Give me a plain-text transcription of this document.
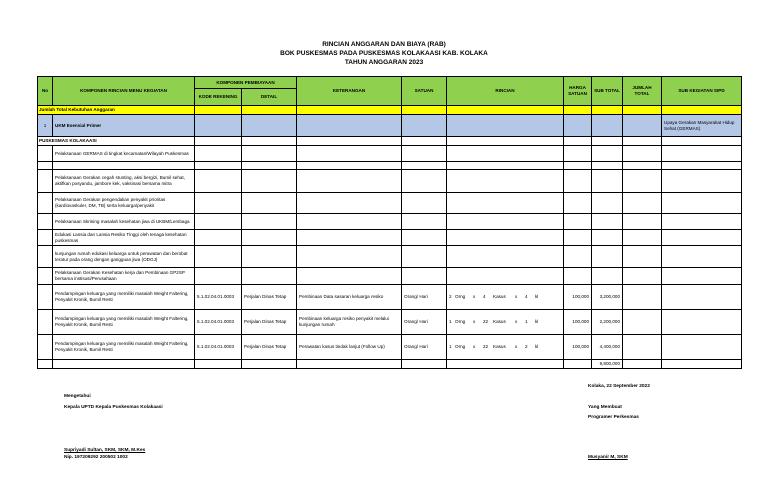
RINCIAN ANGGARAN DAN BIAYA (RAB)
BOK PUSKESMAS PADA PUSKESMAS KOLAKAASI KAB. KOLAKA
TAHUN ANGGARAN 2023
No	KOMPONEN RINCIAN MENU KEGIATAN	KOMPONEN PEMBIAYAAN		KETERANGAN	SATUAN	RINCIAN	HARGA SATUAN	SUB TOTAL	JUMLAH TOTAL	SUB KEGIATAN SIPD
		KODE REKENING	DETAIL							
Jumlah Total Kebutuhan Anggaran										
1	UKM Esensial Primer									Upaya Gerakan Masyarakat Hidup Sehat (GERMAS)
PUSKESMAS KOLAKAASI										
	Pelaksanaan GERMAS di tingkat kecamatan/Wilayah Puskesmas									

	Pelaksanaan Gerakan cegah stunting, aksi bergizi, Bumil sehat, aktifkan posyandu, jambore kek, vaksinasi bersama mitra									
	Pelaksanaan Gerakan pengendalian penyakit prioritas (kardiovaskuler, DM, TB) serta keluarga/penyakit									
	Pelaksanaan Skrining masalah kesehatan jiwa di UKBM/Lembaga									
	Edukasi Lansia dan Lansia Resiko Tinggi oleh tenaga kesehatan puskesmas									
	kunjungan rumah edukasi keluarga untuk perawatan dan berobat teratur pada orang dengan gangguan jiwa (ODGJ)									
	Pelaksanaan Gerakan Kesehatan kerja dan Pembinaan GP2SP bersama instisusi/Perusahaan									
	Pendampingan keluarga yang memiliki masalah Weight Faltering, Penyakit Kronik, Bumil Resti	5.1.02.04.01.0003	Perjalan Dinas Tetap	Pembinaan Data sasaran keluarga resiko	Orang/ Hari	2 Orng x 4 Kasus x 4 kl	100,000	3,200,000		
	Pendampingan keluarga yang memiliki masalah Weight Faltering, Penyakit Kronik, Bumil Resti	5.1.02.04.01.0003	Perjalan Dinas Tetap	Pembinaan keluarga resiko penyakit melalui kunjungan rumah	Orang/ Hari	1 Orng x 22 Kasus x 1 kl	100,000	2,200,000		
	Pendampingan keluarga yang memiliki masalah Weight Faltering, Penyakit Kronik, Bumil Resti	5.1.02.04.01.0003	Perjalan Dinas Tetap	Perawatan kasus tindak lanjut (Follow Up)	Orang/ Hari	1 Orng x 22 Kasus x 2 kl	100,000	4,400,000		
								9,800,000		
Kolaka, 22 September 2022
Mengetahui
Kepala UPTD Kepala Puskesmas Kolakaasi	Yang Membuat
Programer Perkesmas
Supriyadi Sultan, SKM, SKM, M.Kes
Nip. 197209292 200502 1002	Musyanir M, SKM
